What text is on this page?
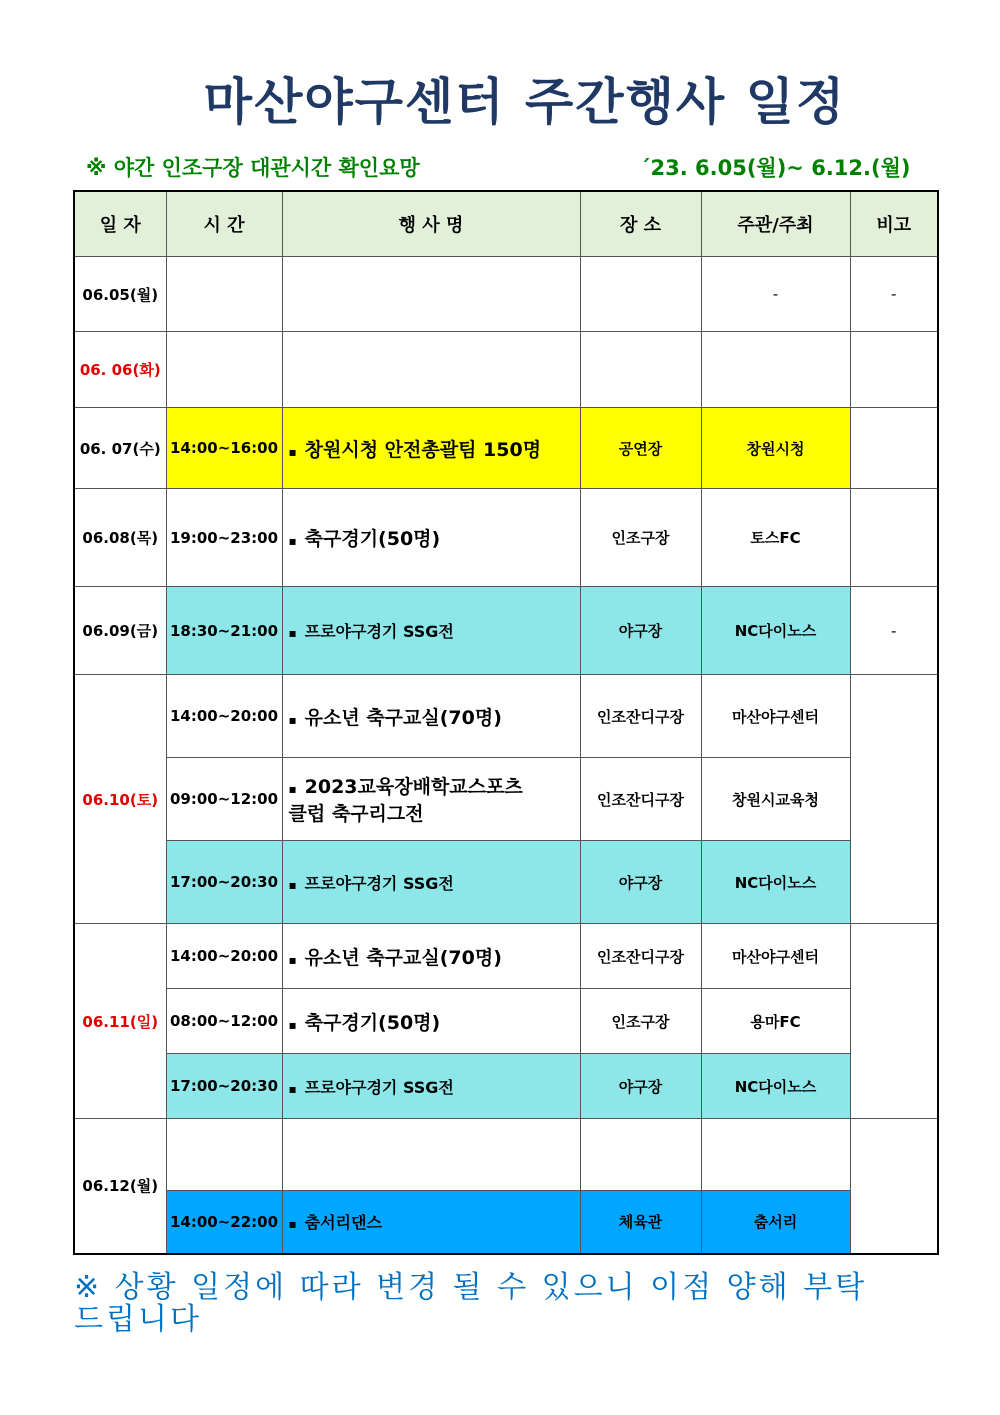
마산야구센터 주간행사 일정
※ 야간 인조구장 대관시간 확인요망	´23. 6.05(월)~ 6.12.(월)
일 자	시 간	행 사 명	장 소	주관/주최	비고
06.05(월)				-	-
06. 06(화)					
06. 07(수)	14:00~16:00	▪ 창원시청 안전총괄팀 150명	공연장	창원시청	
06.08(목)	19:00~23:00	▪ 축구경기(50명)	인조구장	토스FC	
06.09(금)	18:30~21:00	▪ 프로야구경기 SSG전	야구장	NC다이노스	-
06.10(토)	14:00~20:00	▪ 유소년 축구교실(70명)	인조잔디구장	마산야구센터	
	09:00~12:00	▪ 2023교육장배학교스포츠클럽 축구리그전	인조잔디구장	창원시교육청	
	17:00~20:30	▪ 프로야구경기 SSG전	야구장	NC다이노스	
06.11(일)	14:00~20:00	▪ 유소년 축구교실(70명)	인조잔디구장	마산야구센터	
	08:00~12:00	▪ 축구경기(50명)	인조구장	용마FC	
	17:00~20:30	▪ 프로야구경기 SSG전	야구장	NC다이노스	
06.12(월)					
	14:00~22:00	▪ 춤서리댄스	체육관	춤서리	
※ 상황 일정에 따라 변경 될 수 있으니 이점 양해 부탁드립니다
